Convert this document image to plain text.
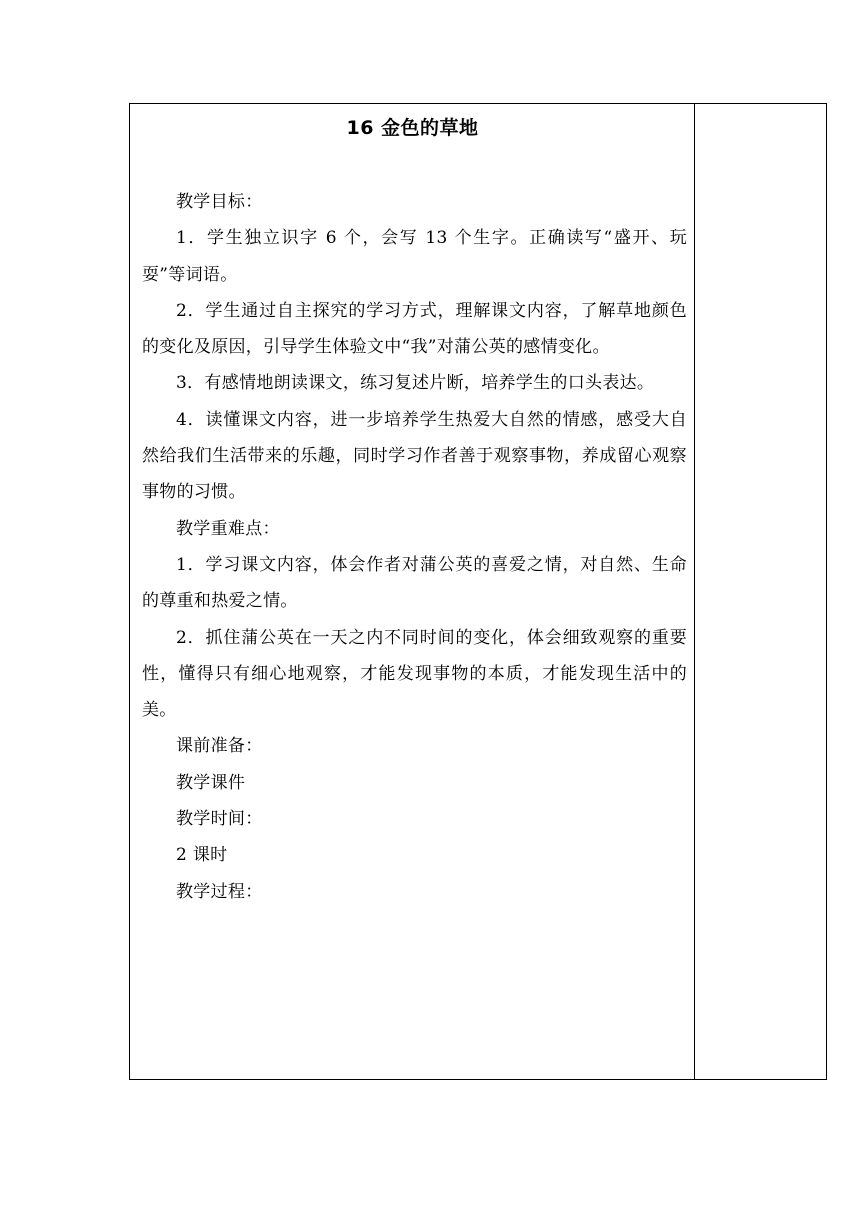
16 金色的草地

教学目标：

1．学生独立识字 6 个，会写 13 个生字。正确读写“盛开、玩耍”等词语。

2．学生通过自主探究的学习方式，理解课文内容，了解草地颜色的变化及原因，引导学生体验文中“我”对蒲公英的感情变化。

3．有感情地朗读课文，练习复述片断，培养学生的口头表达。

4．读懂课文内容，进一步培养学生热爱大自然的情感，感受大自然给我们生活带来的乐趣，同时学习作者善于观察事物，养成留心观察事物的习惯。

教学重难点：

1．学习课文内容，体会作者对蒲公英的喜爱之情，对自然、生命的尊重和热爱之情。

2．抓住蒲公英在一天之内不同时间的变化，体会细致观察的重要性，懂得只有细心地观察，才能发现事物的本质，才能发现生活中的美。

课前准备：

教学课件

教学时间：

2 课时

教学过程：
